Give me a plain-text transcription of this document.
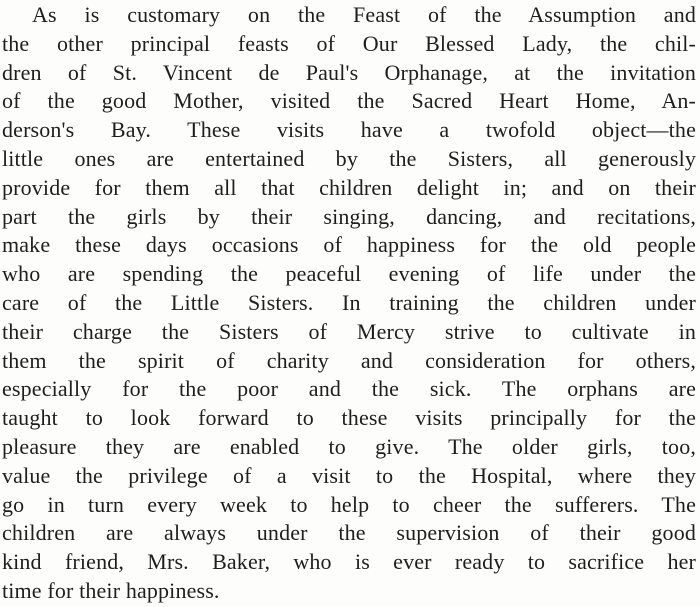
As is customary on the Feast of the Assumption and
the other principal feasts of Our Blessed Lady, the chil-
dren of St. Vincent de Paul's Orphanage, at the invitation
of the good Mother, visited the Sacred Heart Home, An-
derson's Bay. These visits have a twofold object—the
little ones are entertained by the Sisters, all generously
provide for them all that children delight in; and on their
part the girls by their singing, dancing, and recitations,
make these days occasions of happiness for the old people
who are spending the peaceful evening of life under the
care of the Little Sisters. In training the children under
their charge the Sisters of Mercy strive to cultivate in
them the spirit of charity and consideration for others,
especially for the poor and the sick. The orphans are
taught to look forward to these visits principally for the
pleasure they are enabled to give. The older girls, too,
value the privilege of a visit to the Hospital, where they
go in turn every week to help to cheer the sufferers. The
children are always under the supervision of their good
kind friend, Mrs. Baker, who is ever ready to sacrifice her
time for their happiness.
